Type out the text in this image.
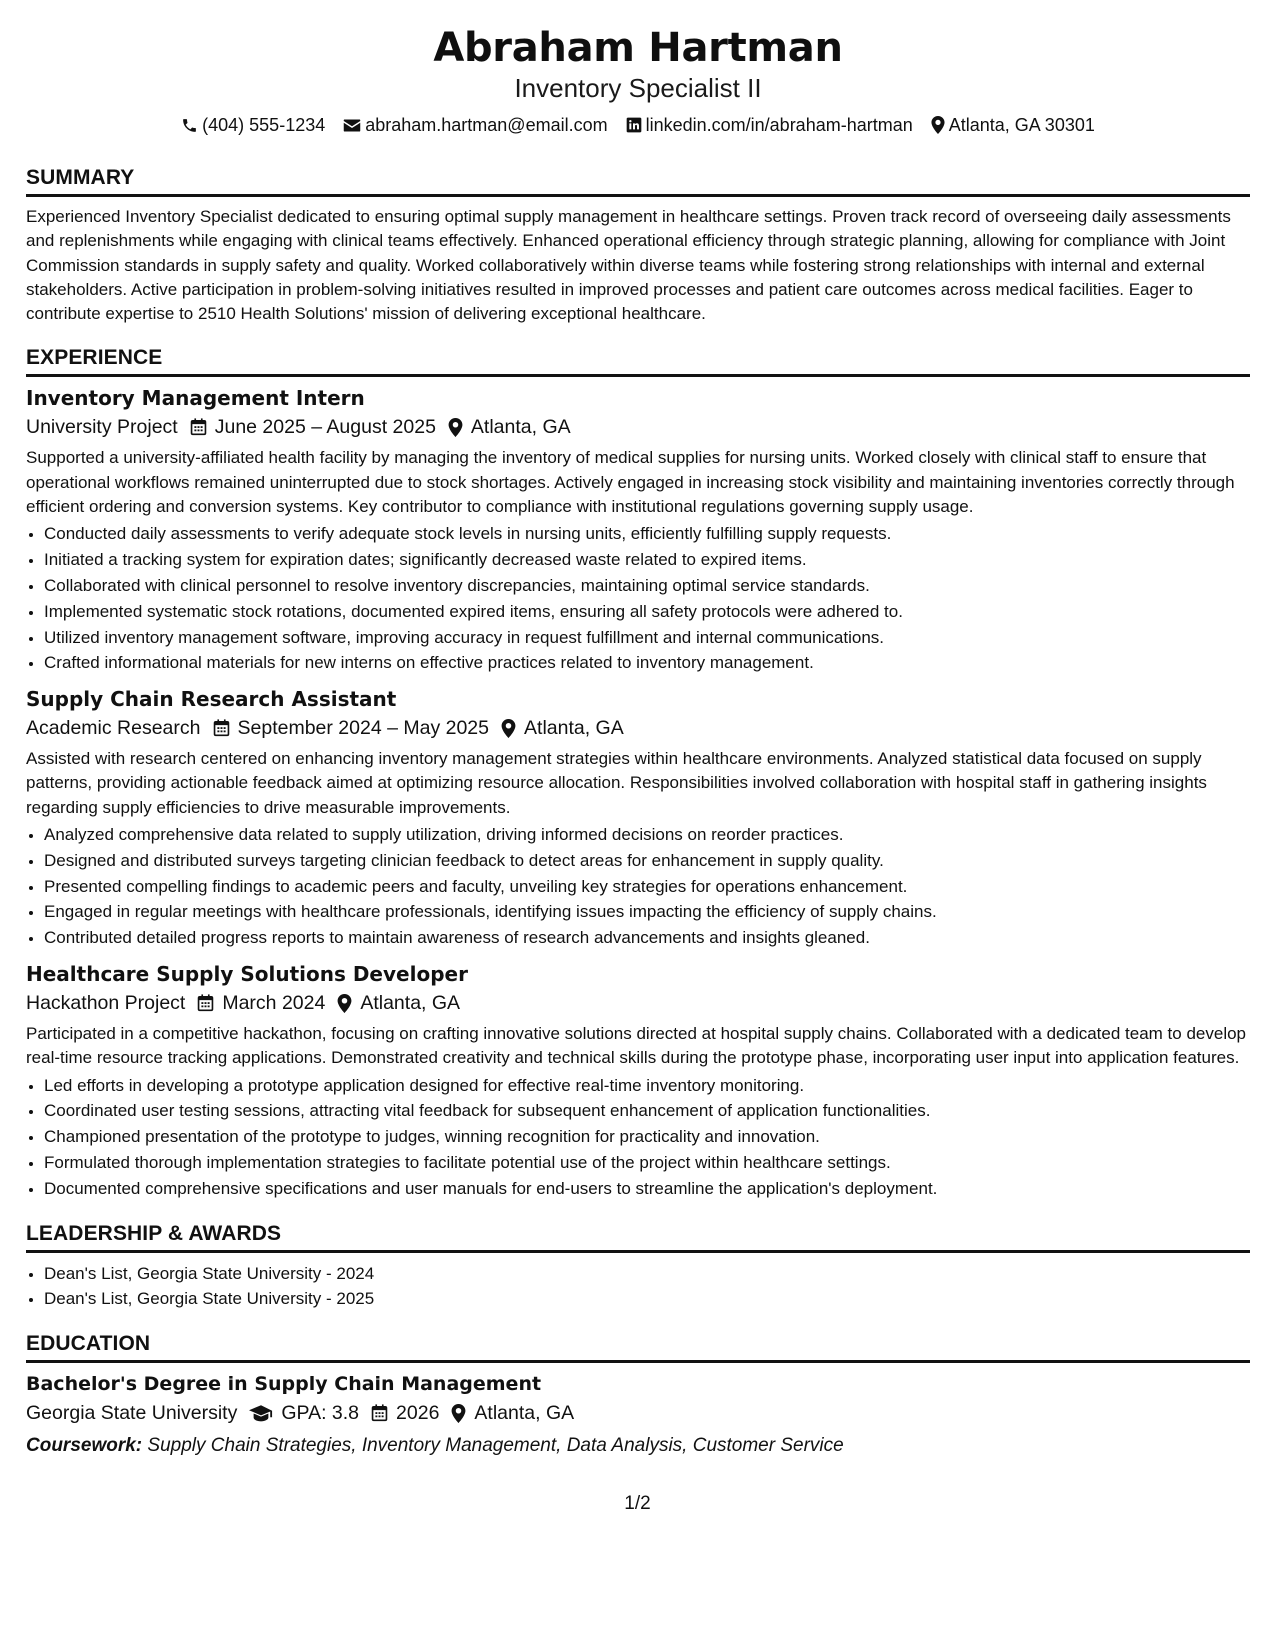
Abraham Hartman
Inventory Specialist II
(404) 555-1234 abraham.hartman@email.com linkedin.com/in/abraham-hartman Atlanta, GA 30301
SUMMARY
Experienced Inventory Specialist dedicated to ensuring optimal supply management in healthcare settings. Proven track record of overseeing daily assessments and replenishments while engaging with clinical teams effectively. Enhanced operational efficiency through strategic planning, allowing for compliance with Joint Commission standards in supply safety and quality. Worked collaboratively within diverse teams while fostering strong relationships with internal and external stakeholders. Active participation in problem-solving initiatives resulted in improved processes and patient care outcomes across medical facilities. Eager to contribute expertise to 2510 Health Solutions' mission of delivering exceptional healthcare.
EXPERIENCE
Inventory Management Intern
University Project June 2025 – August 2025 Atlanta, GA
Supported a university-affiliated health facility by managing the inventory of medical supplies for nursing units. Worked closely with clinical staff to ensure that operational workflows remained uninterrupted due to stock shortages. Actively engaged in increasing stock visibility and maintaining inventories correctly through efficient ordering and conversion systems. Key contributor to compliance with institutional regulations governing supply usage.
• Conducted daily assessments to verify adequate stock levels in nursing units, efficiently fulfilling supply requests.
• Initiated a tracking system for expiration dates; significantly decreased waste related to expired items.
• Collaborated with clinical personnel to resolve inventory discrepancies, maintaining optimal service standards.
• Implemented systematic stock rotations, documented expired items, ensuring all safety protocols were adhered to.
• Utilized inventory management software, improving accuracy in request fulfillment and internal communications.
• Crafted informational materials for new interns on effective practices related to inventory management.
Supply Chain Research Assistant
Academic Research September 2024 – May 2025 Atlanta, GA
Assisted with research centered on enhancing inventory management strategies within healthcare environments. Analyzed statistical data focused on supply patterns, providing actionable feedback aimed at optimizing resource allocation. Responsibilities involved collaboration with hospital staff in gathering insights regarding supply efficiencies to drive measurable improvements.
• Analyzed comprehensive data related to supply utilization, driving informed decisions on reorder practices.
• Designed and distributed surveys targeting clinician feedback to detect areas for enhancement in supply quality.
• Presented compelling findings to academic peers and faculty, unveiling key strategies for operations enhancement.
• Engaged in regular meetings with healthcare professionals, identifying issues impacting the efficiency of supply chains.
• Contributed detailed progress reports to maintain awareness of research advancements and insights gleaned.
Healthcare Supply Solutions Developer
Hackathon Project March 2024 Atlanta, GA
Participated in a competitive hackathon, focusing on crafting innovative solutions directed at hospital supply chains. Collaborated with a dedicated team to develop real-time resource tracking applications. Demonstrated creativity and technical skills during the prototype phase, incorporating user input into application features.
• Led efforts in developing a prototype application designed for effective real-time inventory monitoring.
• Coordinated user testing sessions, attracting vital feedback for subsequent enhancement of application functionalities.
• Championed presentation of the prototype to judges, winning recognition for practicality and innovation.
• Formulated thorough implementation strategies to facilitate potential use of the project within healthcare settings.
• Documented comprehensive specifications and user manuals for end-users to streamline the application's deployment.
LEADERSHIP & AWARDS
• Dean's List, Georgia State University - 2024
• Dean's List, Georgia State University - 2025
EDUCATION
Bachelor's Degree in Supply Chain Management
Georgia State University GPA: 3.8 2026 Atlanta, GA
Coursework: Supply Chain Strategies, Inventory Management, Data Analysis, Customer Service
1/2
